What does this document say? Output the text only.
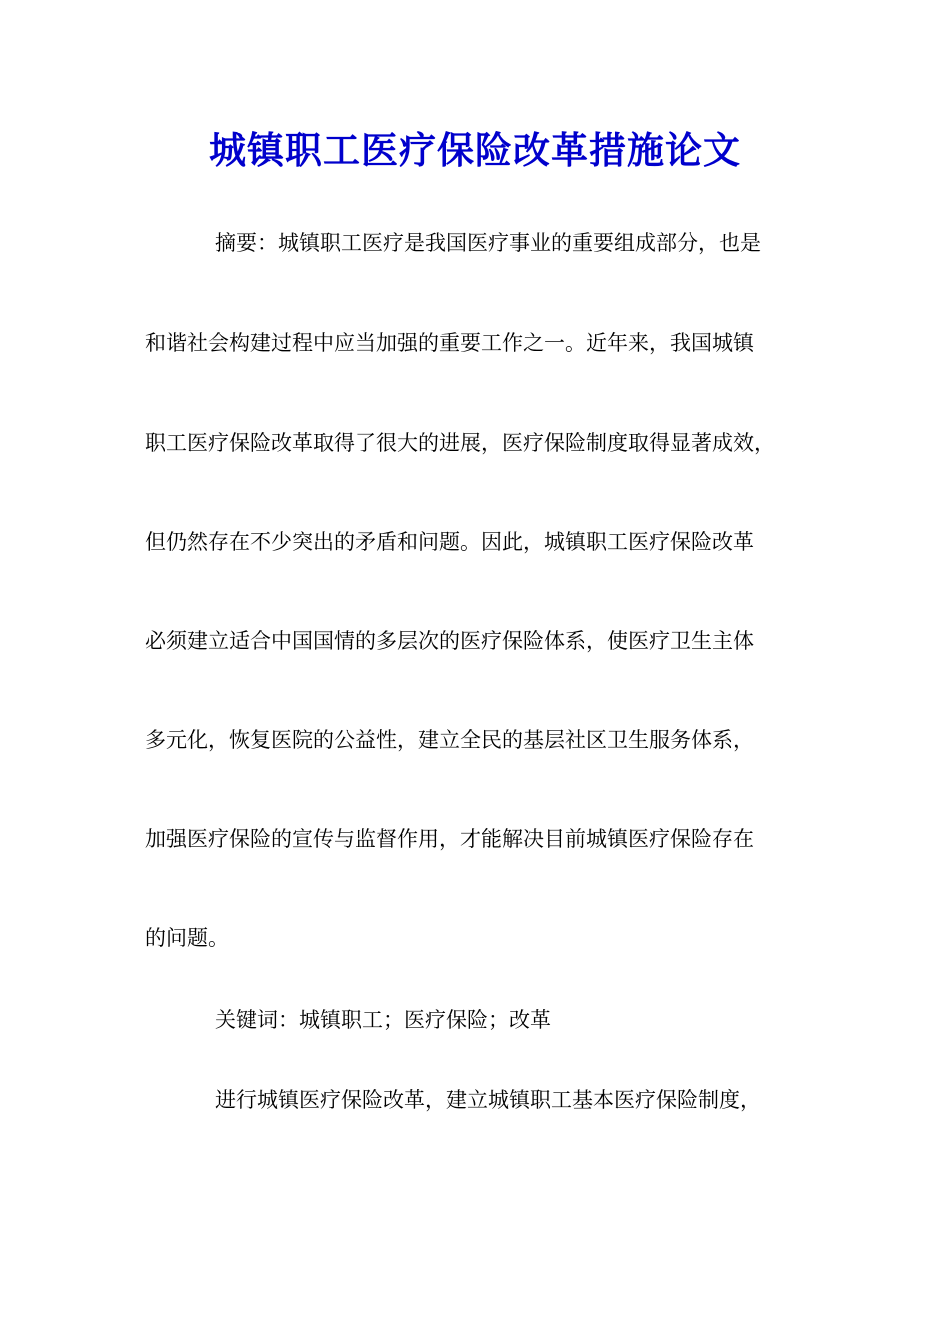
城镇职工医疗保险改革措施论文

摘要：城镇职工医疗是我国医疗事业的重要组成部分，也是

和谐社会构建过程中应当加强的重要工作之一。近年来，我国城镇

职工医疗保险改革取得了很大的进展，医疗保险制度取得显著成效，

但仍然存在不少突出的矛盾和问题。因此，城镇职工医疗保险改革

必须建立适合中国国情的多层次的医疗保险体系，使医疗卫生主体

多元化，恢复医院的公益性，建立全民的基层社区卫生服务体系，

加强医疗保险的宣传与监督作用，才能解决目前城镇医疗保险存在

的问题。

关键词：城镇职工；医疗保险；改革

进行城镇医疗保险改革，建立城镇职工基本医疗保险制度，
